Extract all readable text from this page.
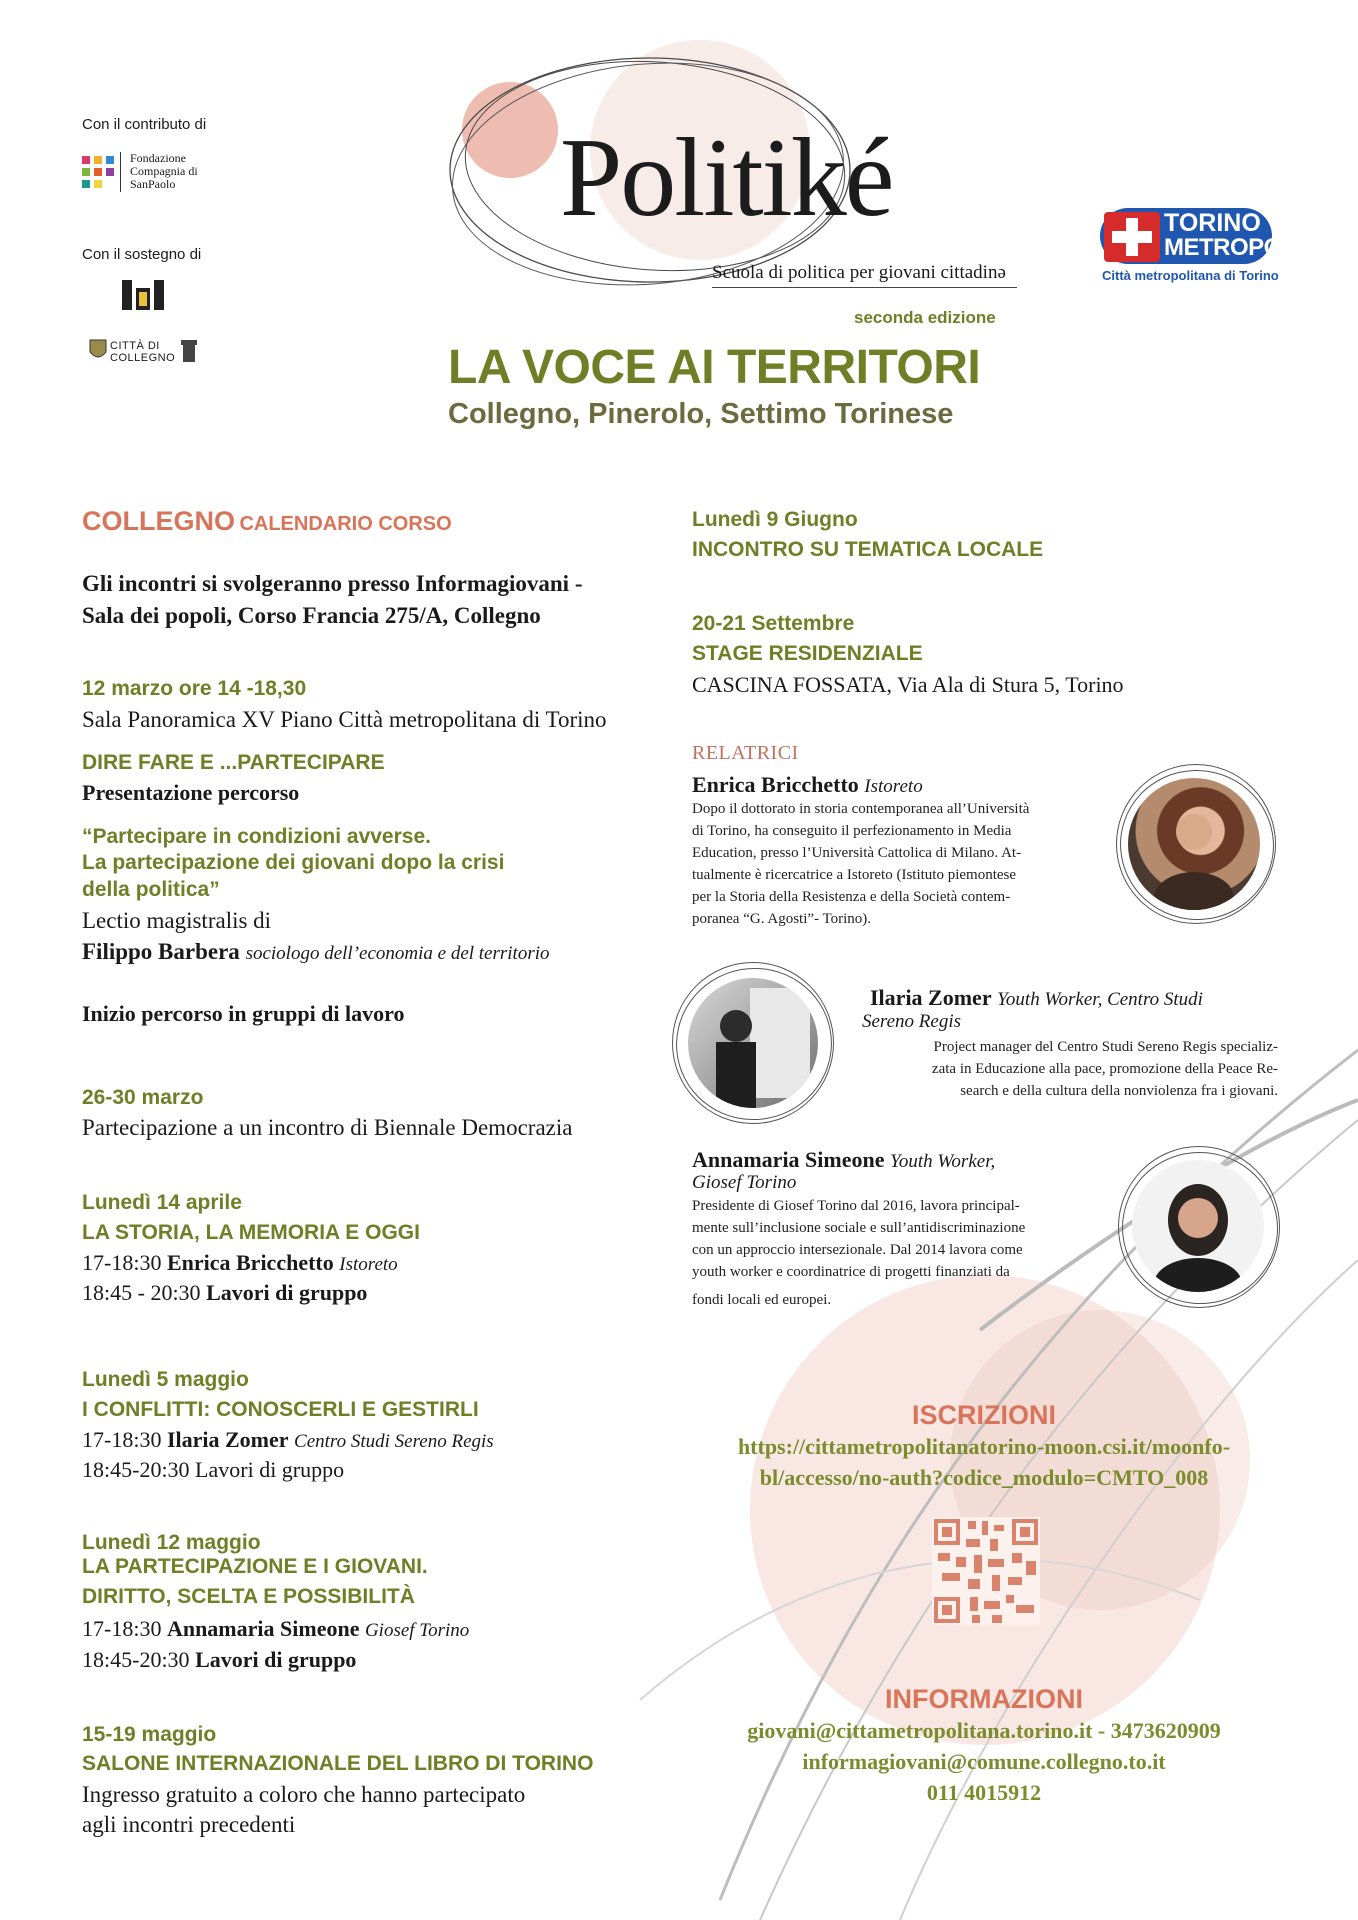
Con il contributo di
Fondazione Compagnia di SanPaolo
Con il sostegno di
CITTÀ DI COLLEGNO
Politiké
Scuola di politica per giovani cittadinə
seconda edizione
LA VOCE AI TERRITORI
Collegno, Pinerolo, Settimo Torinese
TORINO
METROPOLI
Città metropolitana di Torino
COLLEGNO CALENDARIO CORSO
Gli incontri si svolgeranno presso Informagiovani -
Sala dei popoli, Corso Francia 275/A, Collegno
12 marzo ore 14 -18,30
Sala Panoramica XV Piano Città metropolitana di Torino
DIRE FARE E ...PARTECIPARE
Presentazione percorso
“Partecipare in condizioni avverse.
La partecipazione dei giovani dopo la crisi
della politica”
Lectio magistralis di
Filippo Barbera sociologo dell’economia e del territorio
Inizio percorso in gruppi di lavoro
26-30 marzo
Partecipazione a un incontro di Biennale Democrazia
Lunedì 14 aprile
LA STORIA, LA MEMORIA E OGGI
17-18:30 Enrica Bricchetto Istoreto
18:45 - 20:30 Lavori di gruppo
Lunedì 5 maggio
I CONFLITTI: CONOSCERLI E GESTIRLI
17-18:30 Ilaria Zomer Centro Studi Sereno Regis
18:45-20:30 Lavori di gruppo
Lunedì 12 maggio
LA PARTECIPAZIONE E I GIOVANI.
DIRITTO, SCELTA E POSSIBILITÀ
17-18:30 Annamaria Simeone Giosef Torino
18:45-20:30 Lavori di gruppo
15-19 maggio
SALONE INTERNAZIONALE DEL LIBRO DI TORINO
Ingresso gratuito a coloro che hanno partecipato
agli incontri precedenti
Lunedì 9 Giugno
INCONTRO SU TEMATICA LOCALE
20-21 Settembre
STAGE RESIDENZIALE
CASCINA FOSSATA, Via Ala di Stura 5, Torino
RELATRICI
Enrica Bricchetto Istoreto
Dopo il dottorato in storia contemporanea all’Università
di Torino, ha conseguito il perfezionamento in Media
Education, presso l’Università Cattolica di Milano. At-
tualmente è ricercatrice a Istoreto (Istituto piemontese
per la Storia della Resistenza e della Società contem-
poranea “G. Agosti”- Torino).
Ilaria Zomer Youth Worker, Centro Studi
Sereno Regis
Project manager del Centro Studi Sereno Regis specializ-
zata in Educazione alla pace, promozione della Peace Re-
search e della cultura della nonviolenza fra i giovani.
Annamaria Simeone Youth Worker,
Giosef Torino
Presidente di Giosef Torino dal 2016, lavora principal-
mente sull’inclusione sociale e sull’antidiscriminazione
con un approccio intersezionale. Dal 2014 lavora come
youth worker e coordinatrice di progetti finanziati da
fondi locali ed europei.
ISCRIZIONI
https://cittametropolitanatorino-moon.csi.it/moonfo-
bl/accesso/no-auth?codice_modulo=CMTO_008
INFORMAZIONI
giovani@cittametropolitana.torino.it - 3473620909
informagiovani@comune.collegno.to.it
011 4015912
